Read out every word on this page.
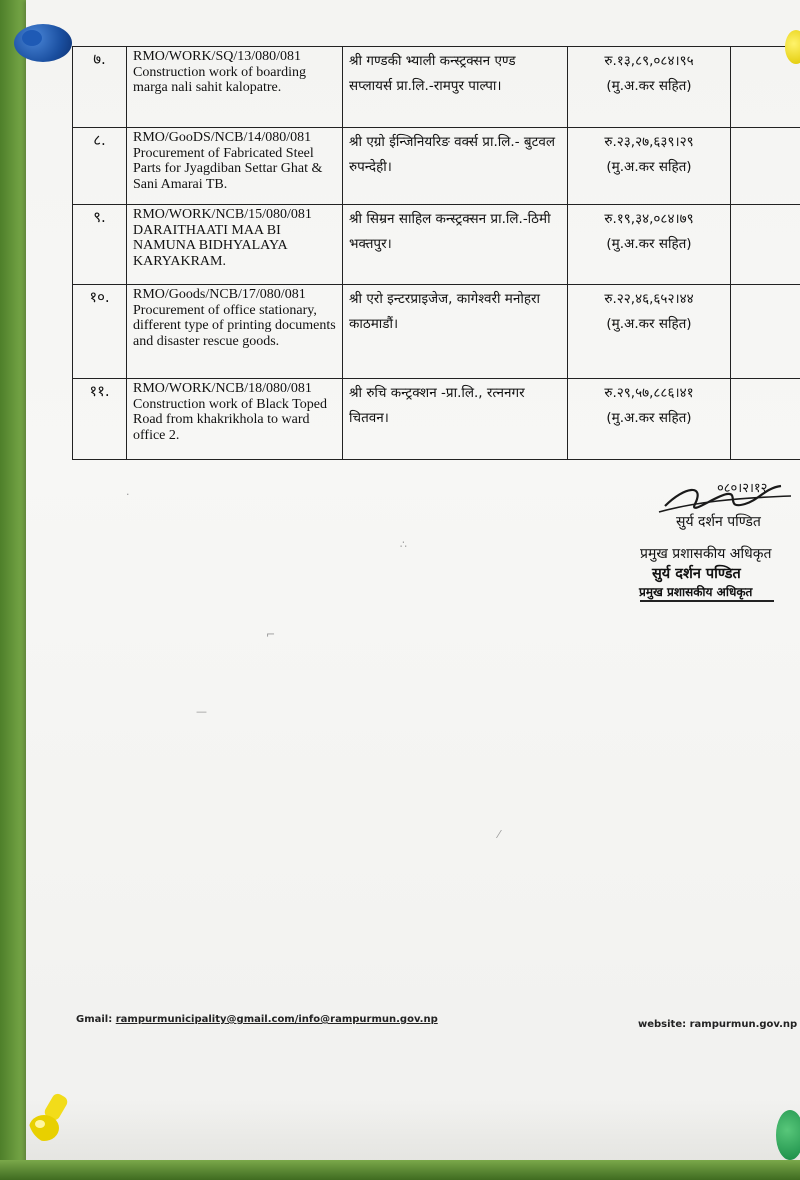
७.	RMO/WORK/SQ/13/080/081 Construction work of boarding marga nali sahit kalopatre.	श्री गण्डकी भ्याली कन्स्ट्रक्सन एण्ड सप्लायर्स प्रा.लि.-रामपुर पाल्पा।	रु.१३,८९,०८४।९५
(मु.अ.कर सहित)	

८.	RMO/GooDS/NCB/14/080/081 Procurement of Fabricated Steel Parts for Jyagdiban Settar Ghat & Sani Amarai TB.	श्री एग्रो ईन्जिनियरिङ वर्क्स प्रा.लि.- बुटवल रुपन्देही।	रु.२३,२७,६३९।२९
(मु.अ.कर सहित)	

९.	RMO/WORK/NCB/15/080/081 DARAITHAATI MAA BI NAMUNA BIDHYALAYA KARYAKRAM.	श्री सिम्रन साहिल कन्स्ट्रक्सन प्रा.लि.-ठिमी भक्तपुर।	रु.१९,३४,०८४।७९
(मु.अ.कर सहित)	

१०.	RMO/Goods/NCB/17/080/081 Procurement of office stationary, different type of printing documents and disaster rescue goods.	श्री एरो इन्टरप्राइजेज, कागेश्वरी मनोहरा काठमाडौं।	रु.२२,४६,६५२।४४
(मु.अ.कर सहित)	

११.	RMO/WORK/NCB/18/080/081 Construction work of Black Toped Road from khakrikhola to ward office 2.	श्री रुचि कन्ट्रक्शन -प्रा.लि., रत्ननगर चितवन।	रु.२९,५७,८८६।४१
(मु.अ.कर सहित)	

०८०।२।१२
सुर्य दर्शन पण्डित
प्रमुख प्रशासकीय अधिकृत
सुर्य दर्शन पण्डित
प्रमुख प्रशासकीय अधिकृत
·
⌐
∴
—
⁄
Gmail: rampurmunicipality@gmail.com/info@rampurmun.gov.np	website: rampurmun.gov.np
